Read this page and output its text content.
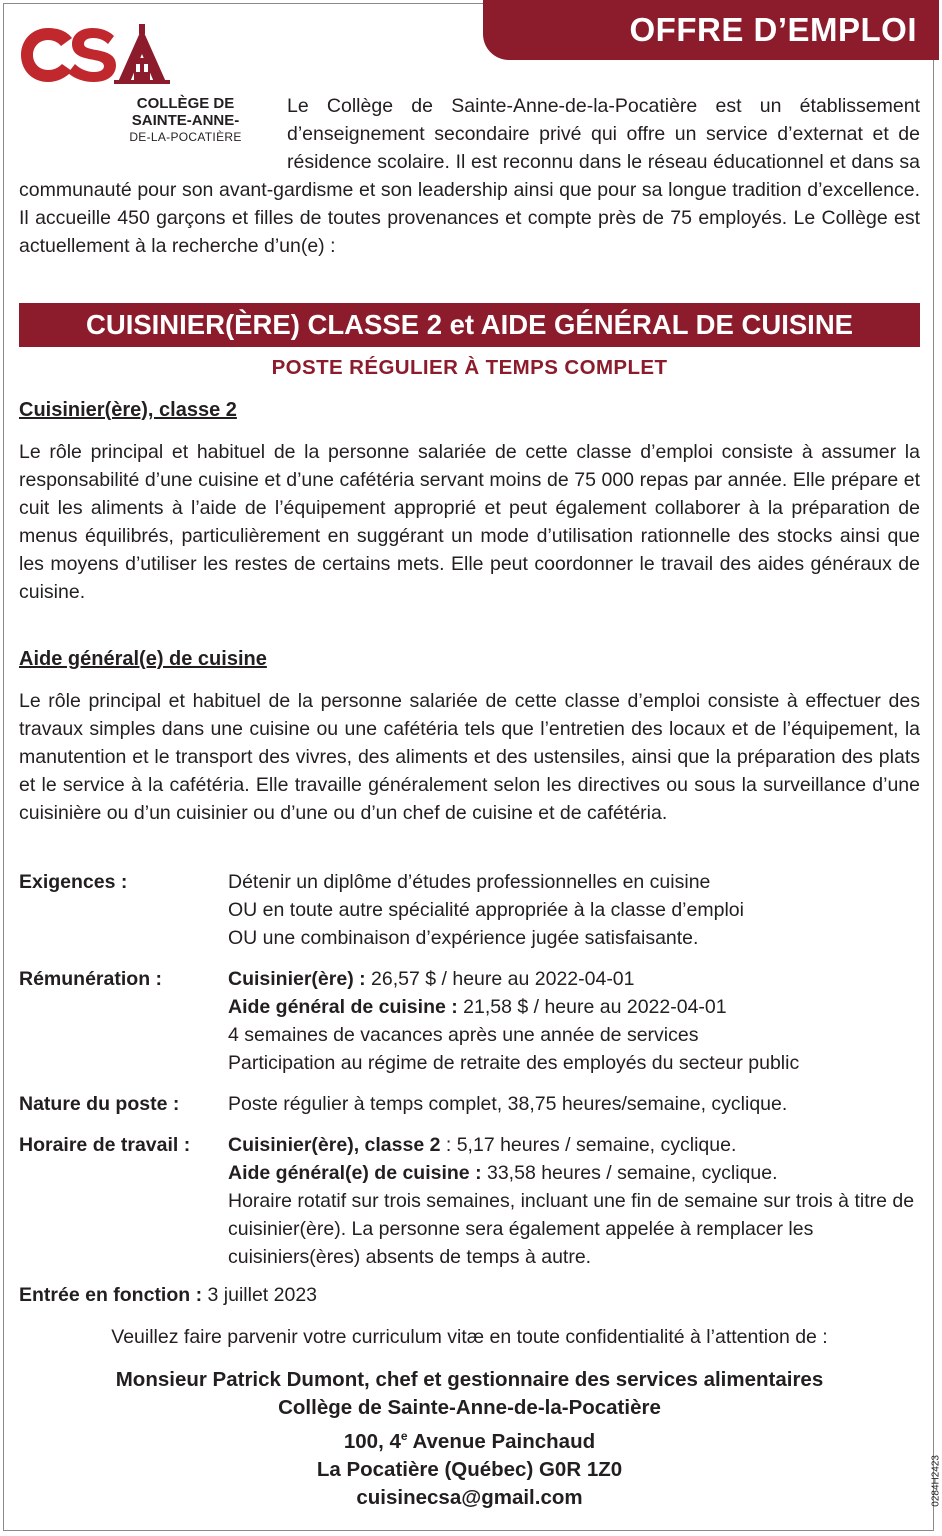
OFFRE D’EMPLOI
COLLÈGE DE
SAINTE-ANNE-
DE-LA-POCATIÈRE

Le Collège de Sainte-Anne-de-la-Pocatière est un établissement d’enseignement secondaire privé qui offre un service d’externat et de résidence scolaire. Il est reconnu dans le réseau éducationnel et dans sa communauté pour son avant-gardisme et son leadership ainsi que pour sa longue tradition d’excellence. Il accueille 450 garçons et filles de toutes provenances et compte près de 75 employés. Le Collège est actuellement à la recherche d’un(e) :

CUISINIER(ÈRE) CLASSE 2 et AIDE GÉNÉRAL DE CUISINE
POSTE RÉGULIER À TEMPS COMPLET
Cuisinier(ère), classe 2

Le rôle principal et habituel de la personne salariée de cette classe d’emploi consiste à assumer la responsabilité d’une cuisine et d’une cafétéria servant moins de 75 000 repas par année. Elle prépare et cuit les aliments à l’aide de l’équipement approprié et peut également collaborer à la préparation de menus équilibrés, particulièrement en suggérant un mode d’utilisation rationnelle des stocks ainsi que les moyens d’utiliser les restes de certains mets. Elle peut coordonner le travail des aides généraux de cuisine.

Aide général(e) de cuisine

Le rôle principal et habituel de la personne salariée de cette classe d’emploi consiste à effectuer des travaux simples dans une cuisine ou une cafétéria tels que l’entretien des locaux et de l’équipement, la manutention et le transport des vivres, des aliments et des ustensiles, ainsi que la préparation des plats et le service à la cafétéria. Elle travaille généralement selon les directives ou sous la surveillance d’une cuisinière ou d’un cuisinier ou d’une ou d’un chef de cuisine et de cafétéria.

Exigences :	Détenir un diplôme d’études professionnelles en cuisine
OU en toute autre spécialité appropriée à la classe d’emploi
OU une combinaison d’expérience jugée satisfaisante.
Rémunération :	Cuisinier(ère) : 26,57 $ / heure au 2022-04-01
Aide général de cuisine : 21,58 $ / heure au 2022-04-01
4 semaines de vacances après une année de services
Participation au régime de retraite des employés du secteur public
Nature du poste : Poste régulier à temps complet, 38,75 heures/semaine, cyclique.
Horaire de travail : Cuisinier(ère), classe 2 : 5,17 heures / semaine, cyclique.
Aide général(e) de cuisine : 33,58 heures / semaine, cyclique.
Horaire rotatif sur trois semaines, incluant une fin de semaine sur trois à titre de cuisinier(ère). La personne sera également appelée à remplacer les cuisiniers(ères) absents de temps à autre.
Entrée en fonction : 3 juillet 2023
Veuillez faire parvenir votre curriculum vitæ en toute confidentialité à l’attention de :
Monsieur Patrick Dumont, chef et gestionnaire des services alimentaires
Collège de Sainte-Anne-de-la-Pocatière
100, 4e Avenue Painchaud
La Pocatière (Québec) G0R 1Z0
cuisinecsa@gmail.com	0284H2423
